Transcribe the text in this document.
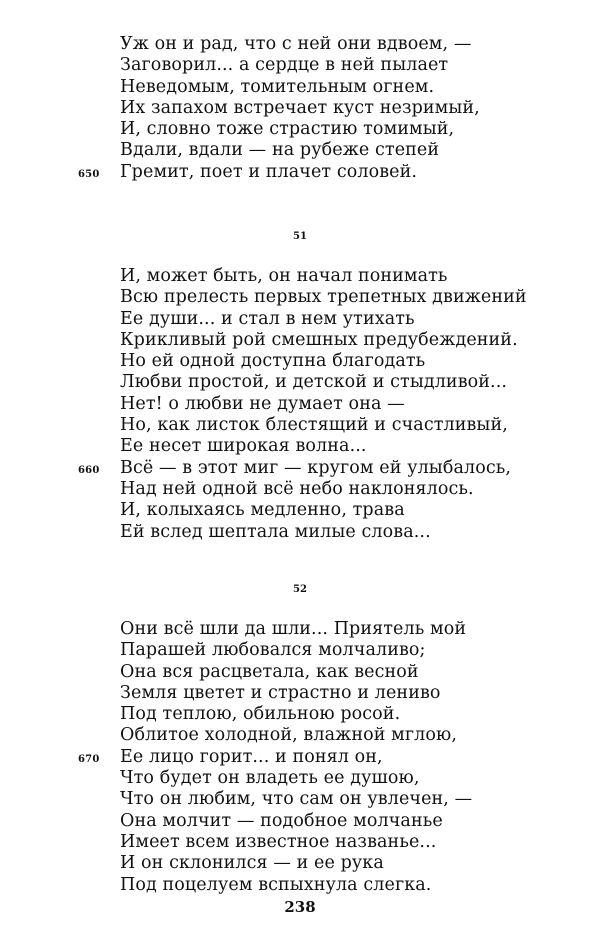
Уж он и рад, что с ней они вдвоем, —
Заговорил... а сердце в ней пылает
Неведомым, томительным огнем.
Их запахом встречает куст незримый,
И, словно тоже страстию томимый,
Вдали, вдали — на рубеже степей
650 Гремит, поет и плачет соловей.
51
И, может быть, он начал понимать
Всю прелесть первых трепетных движений
Ее души... и стал в нем утихать
Крикливый рой смешных предубеждений.
Но ей одной доступна благодать
Любви простой, и детской и стыдливой...
Нет! о любви не думает она —
Но, как листок блестящий и счастливый,
Ее несет широкая волна...
660 Всё — в этот миг — кругом ей улыбалось,
Над ней одной всё небо наклонялось.
И, колыхаясь медленно, трава
Ей вслед шептала милые слова...
52
Они всё шли да шли... Приятель мой
Парашей любовался молчаливо;
Она вся расцветала, как весной
Земля цветет и страстно и лениво
Под теплою, обильною росой.
Облитое холодной, влажной мглою,
670 Ее лицо горит... и понял он,
Что будет он владеть ее душою,
Что он любим, что сам он увлечен, —
Она молчит — подобное молчанье
Имеет всем известное названье...
И он склонился — и ее рука
Под поцелуем вспыхнула слегка.
238
